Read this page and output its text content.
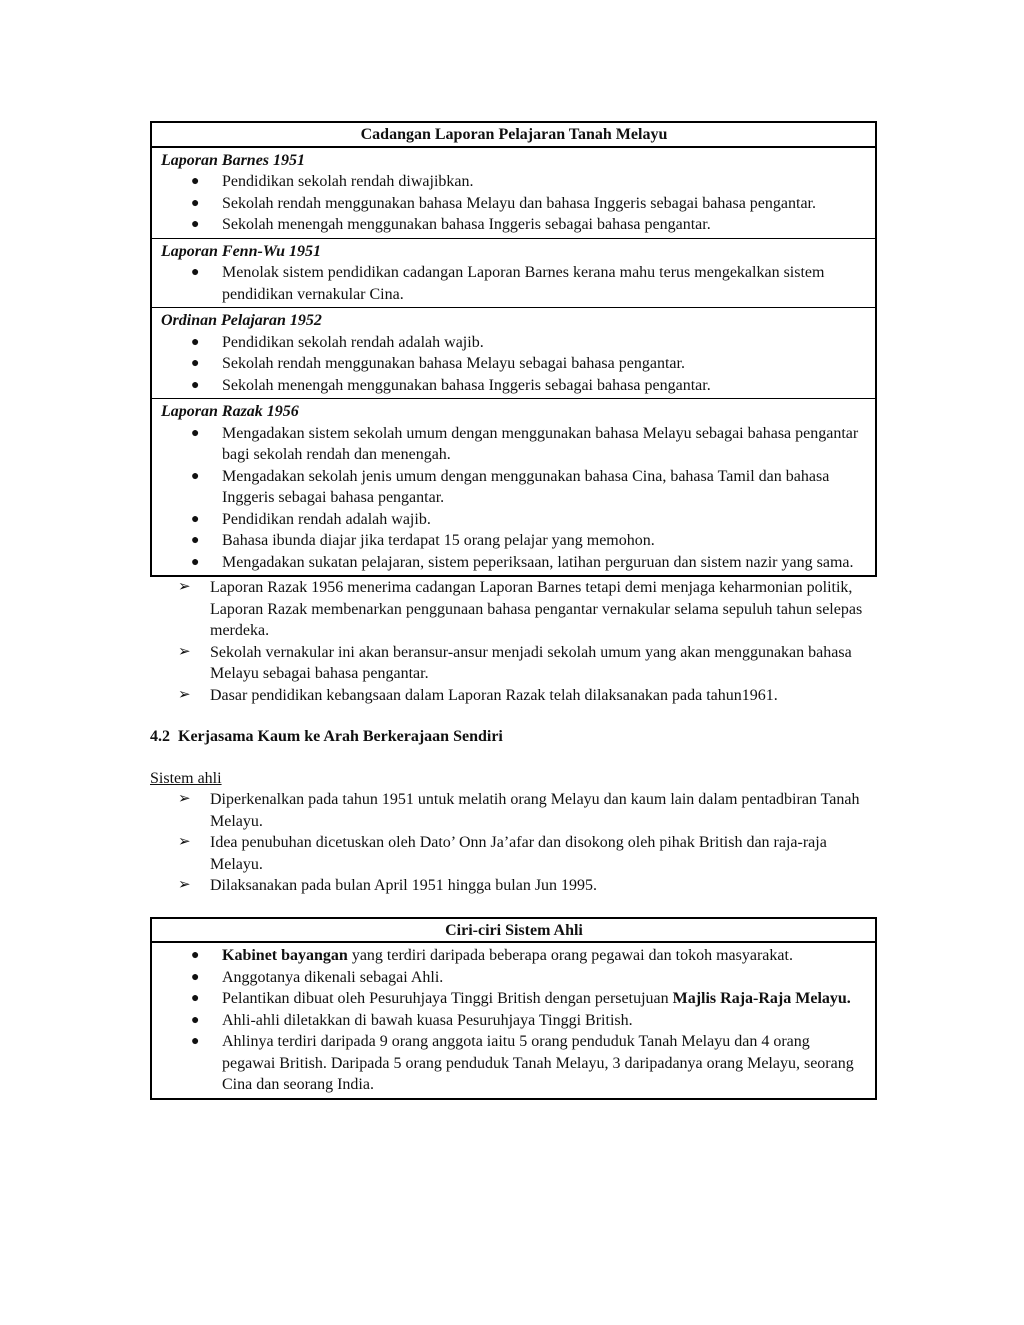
Cadangan Laporan Pelajaran Tanah Melayu

Laporan Barnes 1951
● Pendidikan sekolah rendah diwajibkan.
● Sekolah rendah menggunakan bahasa Melayu dan bahasa Inggeris sebagai bahasa pengantar.
● Sekolah menengah menggunakan bahasa Inggeris sebagai bahasa pengantar.

Laporan Fenn-Wu 1951
● Menolak sistem pendidikan cadangan Laporan Barnes kerana mahu terus mengekalkan sistem pendidikan vernakular Cina.

Ordinan Pelajaran 1952
● Pendidikan sekolah rendah adalah wajib.
● Sekolah rendah menggunakan bahasa Melayu sebagai bahasa pengantar.
● Sekolah menengah menggunakan bahasa Inggeris sebagai bahasa pengantar.

Laporan Razak 1956
● Mengadakan sistem sekolah umum dengan menggunakan bahasa Melayu sebagai bahasa pengantar bagi sekolah rendah dan menengah.
● Mengadakan sekolah jenis umum dengan menggunakan bahasa Cina, bahasa Tamil dan bahasa Inggeris sebagai bahasa pengantar.
● Pendidikan rendah adalah wajib.
● Bahasa ibunda diajar jika terdapat 15 orang pelajar yang memohon.
● Mengadakan sukatan pelajaran, sistem peperiksaan, latihan perguruan dan sistem nazir yang sama.
➢ Laporan Razak 1956 menerima cadangan Laporan Barnes tetapi demi menjaga keharmonian politik, Laporan Razak membenarkan penggunaan bahasa pengantar vernakular selama sepuluh tahun selepas merdeka.
➢ Sekolah vernakular ini akan beransur-ansur menjadi sekolah umum yang akan menggunakan bahasa Melayu sebagai bahasa pengantar.
➢ Dasar pendidikan kebangsaan dalam Laporan Razak telah dilaksanakan pada tahun1961.
4.2  Kerjasama Kaum ke Arah Berkerajaan Sendiri
Sistem ahli
➢ Diperkenalkan pada tahun 1951 untuk melatih orang Melayu dan kaum lain dalam pentadbiran Tanah Melayu.
➢ Idea penubuhan dicetuskan oleh Dato’ Onn Ja’afar dan disokong oleh pihak British dan raja-raja Melayu.
➢ Dilaksanakan pada bulan April 1951 hingga bulan Jun 1995.
Ciri-ciri Sistem Ahli

● Kabinet bayangan yang terdiri daripada beberapa orang pegawai dan tokoh masyarakat.
● Anggotanya dikenali sebagai Ahli.
● Pelantikan dibuat oleh Pesuruhjaya Tinggi British dengan persetujuan Majlis Raja-Raja Melayu.
● Ahli-ahli diletakkan di bawah kuasa Pesuruhjaya Tinggi British.
● Ahlinya terdiri daripada 9 orang anggota iaitu 5 orang penduduk Tanah Melayu dan 4 orang pegawai British. Daripada 5 orang penduduk Tanah Melayu, 3 daripadanya orang Melayu, seorang Cina dan seorang India.
